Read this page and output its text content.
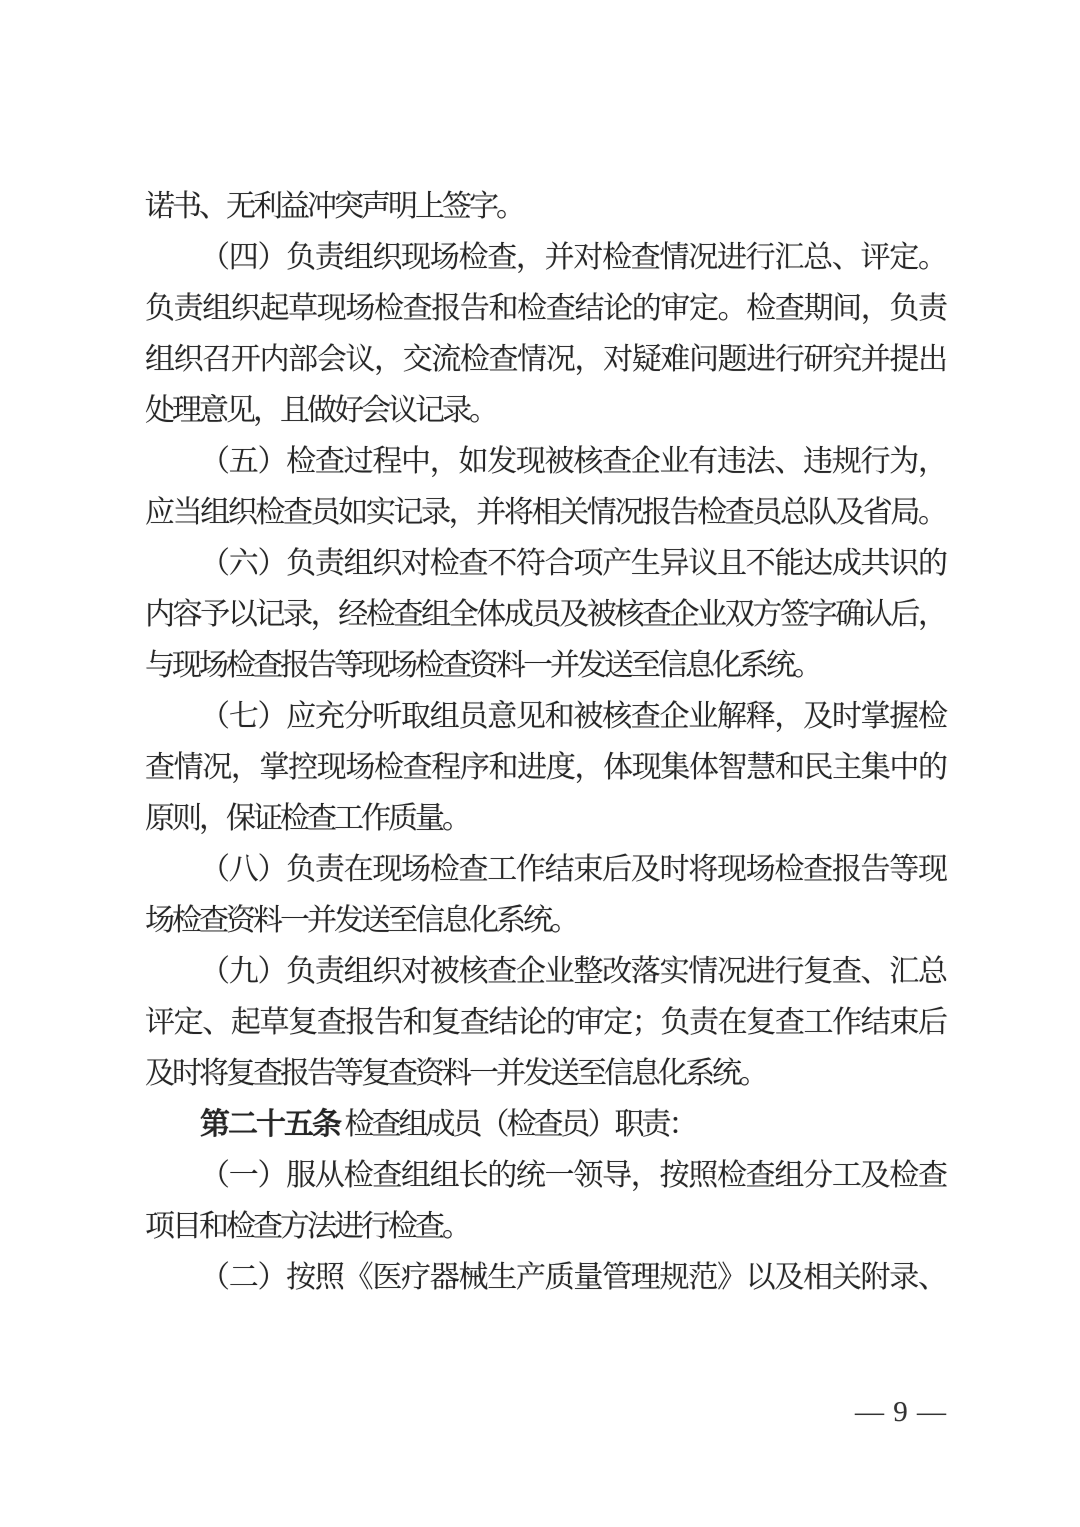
诺书、无利益冲突声明上签字。
（四）负责组织现场检查，并对检查情况进行汇总、评定。
负责组织起草现场检查报告和检查结论的审定。检查期间，负责
组织召开内部会议，交流检查情况，对疑难问题进行研究并提出
处理意见，且做好会议记录。
（五）检查过程中，如发现被核查企业有违法、违规行为，
应当组织检查员如实记录，并将相关情况报告检查员总队及省局。
（六）负责组织对检查不符合项产生异议且不能达成共识的
内容予以记录，经检查组全体成员及被核查企业双方签字确认后，
与现场检查报告等现场检查资料一并发送至信息化系统。
（七）应充分听取组员意见和被核查企业解释，及时掌握检
查情况，掌控现场检查程序和进度，体现集体智慧和民主集中的
原则，保证检查工作质量。
（八）负责在现场检查工作结束后及时将现场检查报告等现
场检查资料一并发送至信息化系统。
（九）负责组织对被核查企业整改落实情况进行复查、汇总
评定、起草复查报告和复查结论的审定；负责在复查工作结束后
及时将复查报告等复查资料一并发送至信息化系统。
第二十五条 检查组成员（检查员）职责：
（一）服从检查组组长的统一领导，按照检查组分工及检查
项目和检查方法进行检查。
（二）按照《医疗器械生产质量管理规范》以及相关附录、
— 9 —
